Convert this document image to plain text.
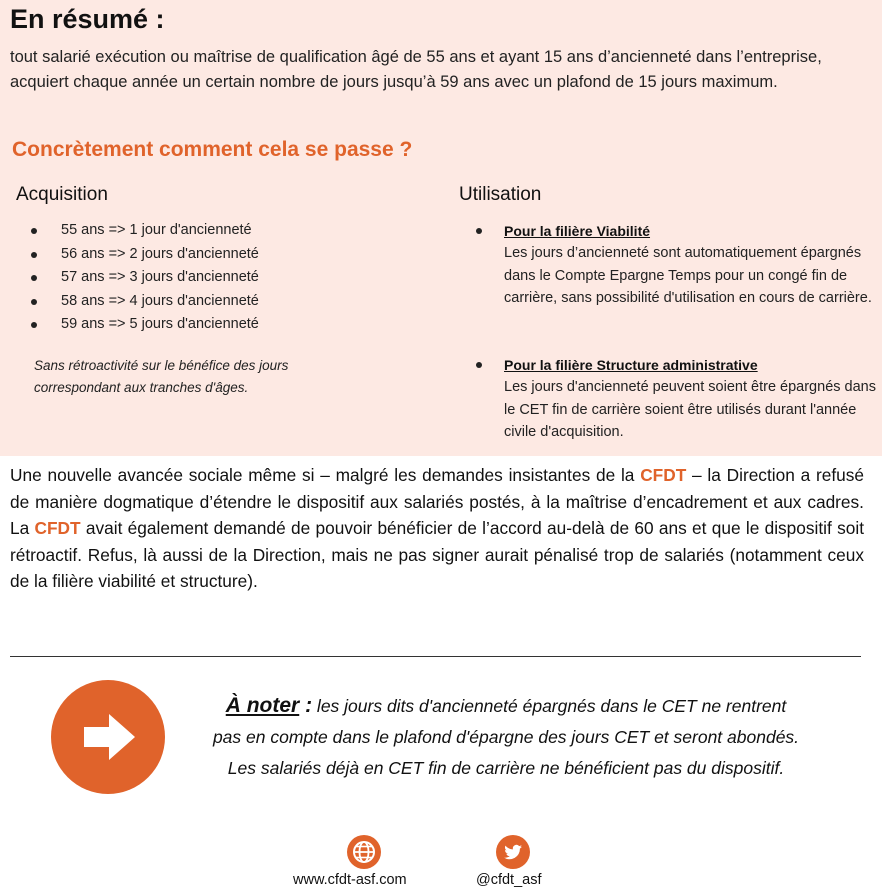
En résumé :
tout salarié exécution ou maîtrise de qualification âgé de 55 ans et ayant 15 ans d’ancienneté dans l’entreprise, acquiert chaque année un certain nombre de jours jusqu’à 59 ans avec un plafond de 15 jours maximum.
Concrètement comment cela se passe ?
Acquisition	Utilisation
55 ans => 1 jour d'ancienneté
56 ans => 2 jours d'ancienneté
57 ans => 3 jours d'ancienneté
58 ans => 4 jours d'ancienneté
59 ans => 5 jours d'ancienneté
Sans rétroactivité sur le bénéfice des jours correspondant aux tranches d'âges.
Pour la filière Viabilité
Les jours d’ancienneté sont automatiquement épargnés dans le Compte Epargne Temps pour un congé fin de carrière, sans possibilité d'utilisation en cours de carrière.
Pour la filière Structure administrative
Les jours d'ancienneté peuvent soient être épargnés dans le CET fin de carrière soient être utilisés durant l'année civile d'acquisition.
Une nouvelle avancée sociale même si – malgré les demandes insistantes de la CFDT – la Direction a refusé de manière dogmatique d’étendre le dispositif aux salariés postés, à la maîtrise d’encadrement et aux cadres. La CFDT avait également demandé de pouvoir bénéficier de l’accord au-delà de 60 ans et que le dispositif soit rétroactif. Refus, là aussi de la Direction, mais ne pas signer aurait pénalisé trop de salariés (notamment ceux de la filière viabilité et structure).
À noter : les jours dits d'ancienneté épargnés dans le CET ne rentrent
pas en compte dans le plafond d'épargne des jours CET et seront abondés.
Les salariés déjà en CET fin de carrière ne bénéficient pas du dispositif.
www.cfdt-asf.com	@cfdt_asf
